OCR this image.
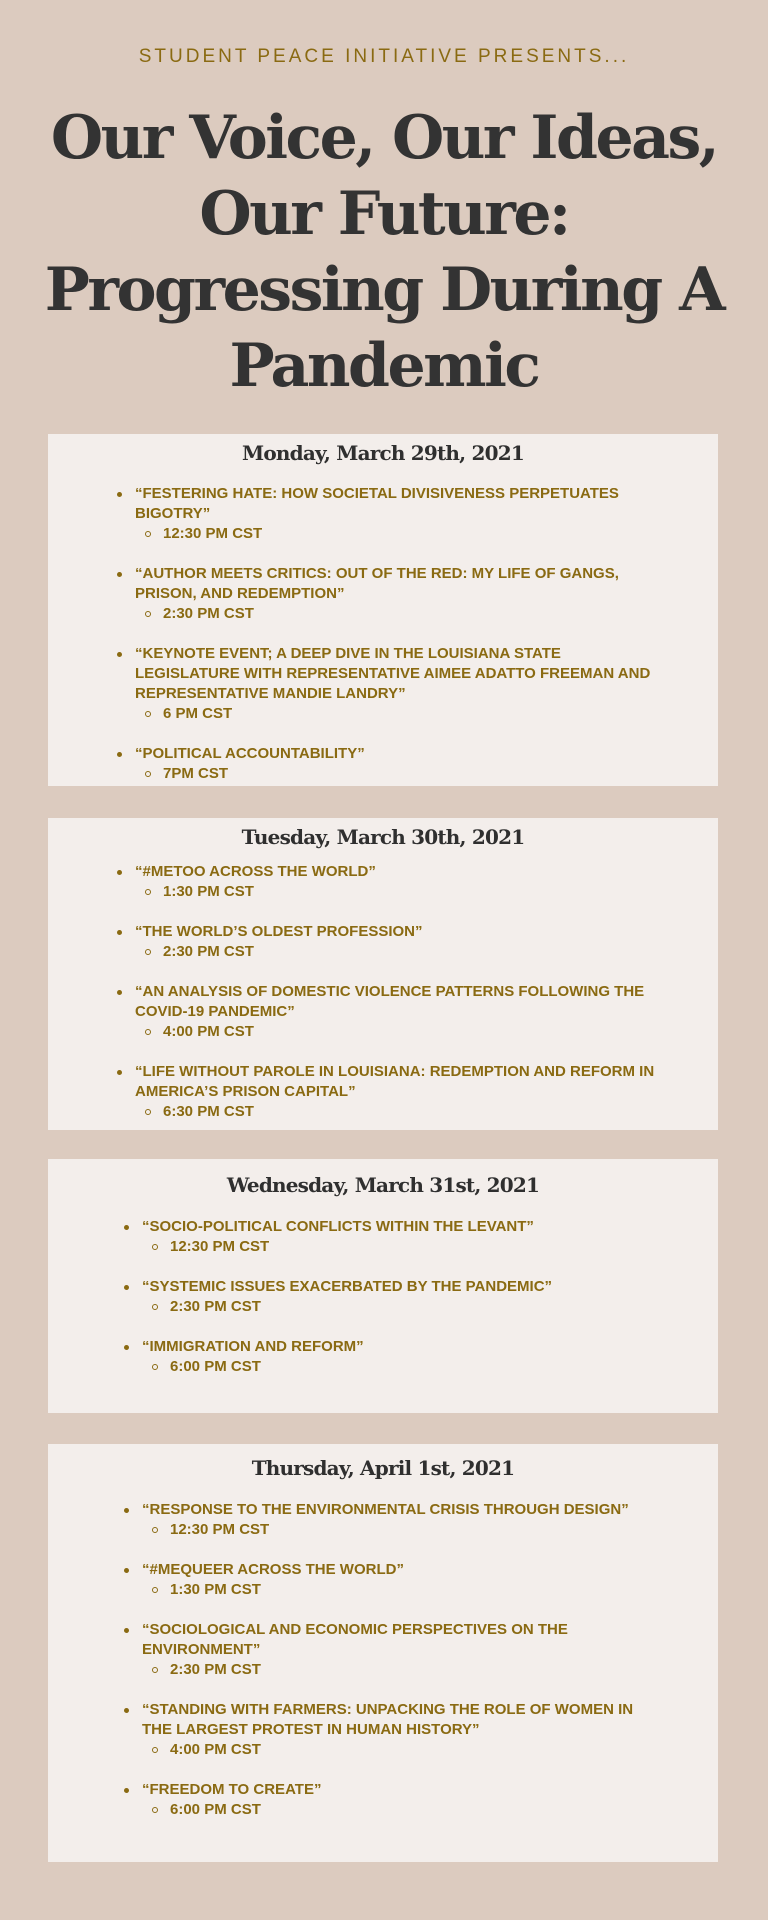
STUDENT PEACE INITIATIVE PRESENTS...
Our Voice, Our Ideas,
Our Future:
Progressing During A
Pandemic
Monday, March 29th, 2021
“FESTERING HATE: HOW SOCIETAL DIVISIVENESS PERPETUATES BIGOTRY”
12:30 PM CST
“AUTHOR MEETS CRITICS: OUT OF THE RED: MY LIFE OF GANGS, PRISON, AND REDEMPTION”
2:30 PM CST
“KEYNOTE EVENT; A DEEP DIVE IN THE LOUISIANA STATE LEGISLATURE WITH REPRESENTATIVE AIMEE ADATTO FREEMAN AND REPRESENTATIVE MANDIE LANDRY”
6 PM CST
“POLITICAL ACCOUNTABILITY”
7PM CST
Tuesday, March 30th, 2021
“#METOO ACROSS THE WORLD”
1:30 PM CST
“THE WORLD’S OLDEST PROFESSION”
2:30 PM CST
“AN ANALYSIS OF DOMESTIC VIOLENCE PATTERNS FOLLOWING THE COVID-19 PANDEMIC”
4:00 PM CST
“LIFE WITHOUT PAROLE IN LOUISIANA: REDEMPTION AND REFORM IN AMERICA’S PRISON CAPITAL”
6:30 PM CST
Wednesday, March 31st, 2021
“SOCIO-POLITICAL CONFLICTS WITHIN THE LEVANT”
12:30 PM CST
“SYSTEMIC ISSUES EXACERBATED BY THE PANDEMIC”
2:30 PM CST
“IMMIGRATION AND REFORM”
6:00 PM CST
Thursday, April 1st, 2021
“RESPONSE TO THE ENVIRONMENTAL CRISIS THROUGH DESIGN”
12:30 PM CST
“#MEQUEER ACROSS THE WORLD”
1:30 PM CST
“SOCIOLOGICAL AND ECONOMIC PERSPECTIVES ON THE ENVIRONMENT”
2:30 PM CST
“STANDING WITH FARMERS: UNPACKING THE ROLE OF WOMEN IN THE LARGEST PROTEST IN HUMAN HISTORY”
4:00 PM CST
“FREEDOM TO CREATE”
6:00 PM CST
